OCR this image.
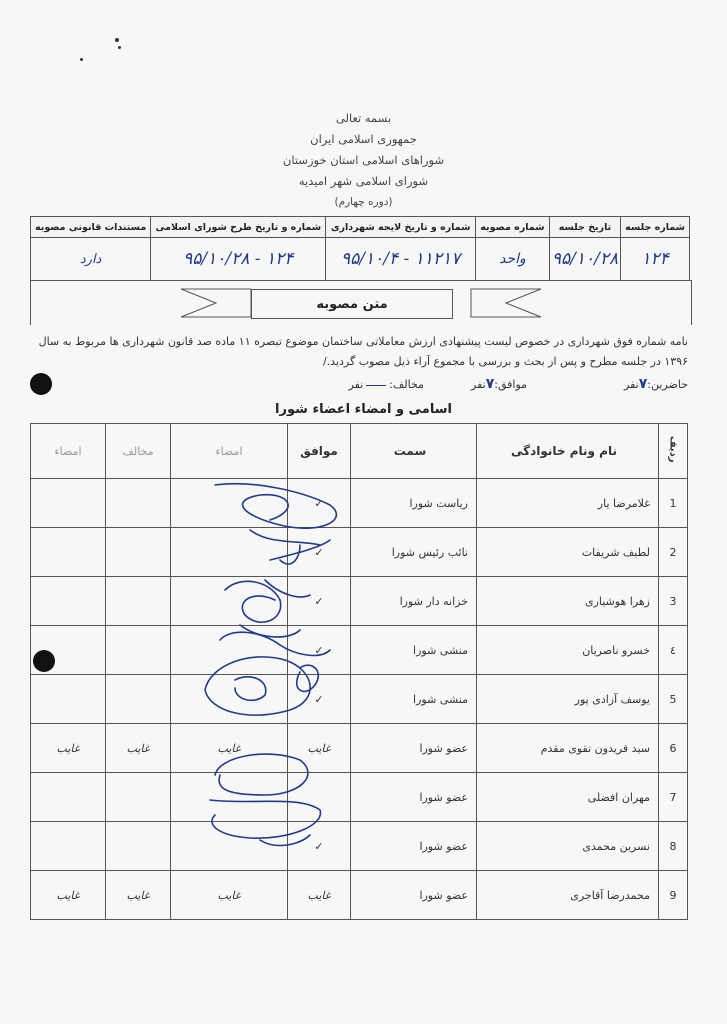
بسمه تعالی
جمهوری اسلامی ایران
شوراهای اسلامی استان خوزستان
شورای اسلامی شهر امیدیه
(دوره چهارم)
شماره جلسه	تاریخ جلسه	شماره مصوبه	شماره و تاریخ لایحه شهرداری	شماره و تاریخ طرح شورای اسلامی	مستندات قانونی مصوبه
۱۲۴	۹۵/۱۰/۲۸	واحد	۱۱۲۱۷ - ۹۵/۱۰/۴	۱۲۴ - ۹۵/۱۰/۲۸	دارد
متن مصوبه
نامه شماره فوق شهرداری در خصوص لیست پیشنهادی ارزش معاملاتی ساختمان موضوع تبصره ۱۱ ماده صد قانون شهرداری ها مربوط به سال
۱۳۹۶ در جلسه مطرح و پس از بحث و بررسی با مجموع آراء ذیل مصوب گردید./
حاضرین:۷نفر  موافق:۷نفر  مخالف:نفر
اسامی و امضاء اعضاء شورا
ردیف	نام ونام خانوادگی	سمت	موافق	امضاء	مخالف	امضاء
1	غلامرضا یار	ریاست شورا	✓			
2	لطیف شریفات	نائب رئیس شورا	✓			
3	زهرا هوشیاری	خزانه دار شورا	✓			
٤	خسرو ناصریان	منشی شورا	✓			
5	یوسف آزادی پور	منشی شورا	✓			
6	سید فریدون تقوی مقدم	عضو شورا	غایب	غایب	غایب	غایب
7	مهران افضلی	عضو شورا				
8	نسرین محمدی	عضو شورا	✓			
9	محمدرضا آقاجری	عضو شورا	غایب	غایب	غایب	غایب
